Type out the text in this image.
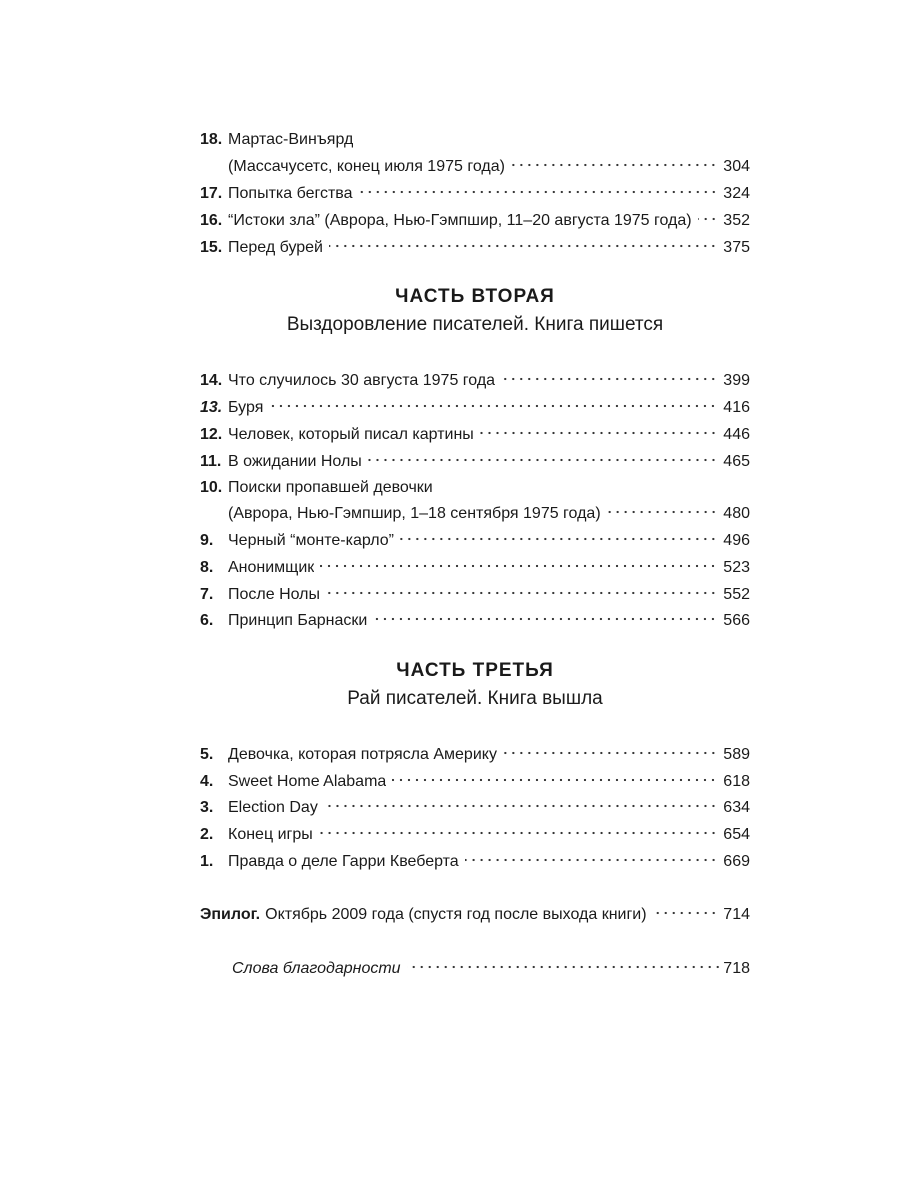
18. Мартас-Винъярд
(Массачусетс, конец июля 1975 года)	304
17. Попытка бегства	324
16. “Истоки зла” (Аврора, Нью-Гэмпшир, 11–20 августа 1975 года) 352
15. Перед бурей	375
ЧАСТЬ ВТОРАЯ
Выздоровление писателей. Книга пишется
14. Что случилось 30 августа 1975 года	399
13. Буря	416
12. Человек, который писал картины	446
11. В ожидании Нолы	465
10. Поиски пропавшей девочки
(Аврора, Нью-Гэмпшир, 1–18 сентября 1975 года)	480
9. Черный “монте-карло”	496
8. Анонимщик	523
7. После Нолы	552
6. Принцип Барнаски	566
ЧАСТЬ ТРЕТЬЯ
Рай писателей. Книга вышла
5. Девочка, которая потрясла Америку	589
4. Sweet Home Alabama	618
3. Election Day	634
2. Конец игры	654
1. Правда о деле Гарри Квеберта	669
Эпилог. Октябрь 2009 года (спустя год после выхода книги)	714
Слова благодарности	718
